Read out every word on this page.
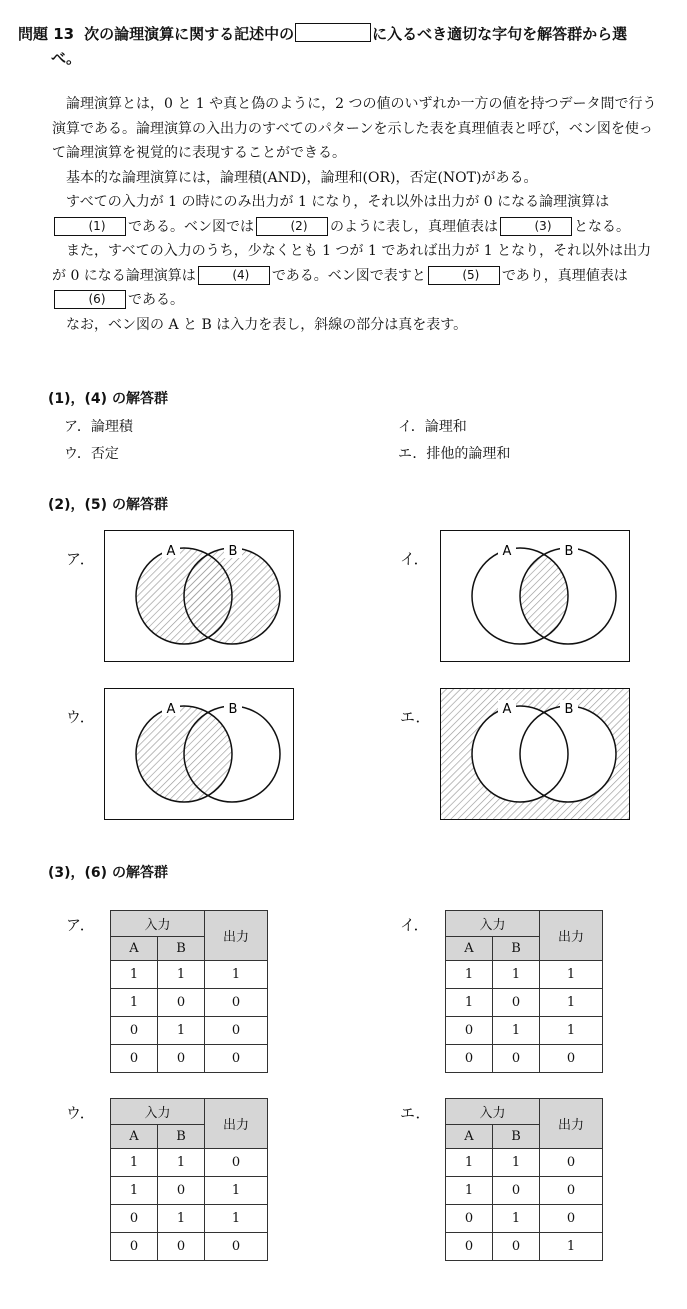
問題 13 次の論理演算に関する記述中の	に入るべき適切な字句を解答群から選
べ。

論理演算とは，0 と 1 や真と偽のように，2 つの値のいずれか一方の値を持つデータ間で行う演算である。論理演算の入出力のすべてのパターンを示した表を真理値表と呼び，ベン図を使って論理演算を視覚的に表現することができる。

基本的な論理演算には，論理積(AND)，論理和(OR)，否定(NOT)がある。

すべての入力が 1 の時にのみ出力が 1 になり，それ以外は出力が 0 になる論理演算は(1) である。ベン図では	(2) のように表し，真理値表は	(3) となる。

また，すべての入力のうち，少なくとも 1 つが 1 であれば出力が 1 となり，それ以外は出力が 0 になる論理演算は	(4) である。ベン図で表すと	(5) であり，真理値表は(6) である。

なお，ベン図の A と B は入力を表し，斜線の部分は真を表す。

(1)，(4) の解答群
ア．論理積	イ．論理和
ウ．否定	エ．排他的論理和
(2)，(5) の解答群
ア．	A	B	イ．	A	B
ウ．	A	B	エ．	A	B
(3)，(6) の解答群
ア．	イ．
ウ．	エ．
入力		出力
A	B	
1	1	1
1	0	0
0	1	0
0	0	0
入力		出力
A	B	
1	1	1
1	0	1
0	1	1
0	0	0
入力		出力
A	B	
1	1	0
1	0	1
0	1	1
0	0	0
入力		出力
A	B	
1	1	0
1	0	0
0	1	0
0	0	1
